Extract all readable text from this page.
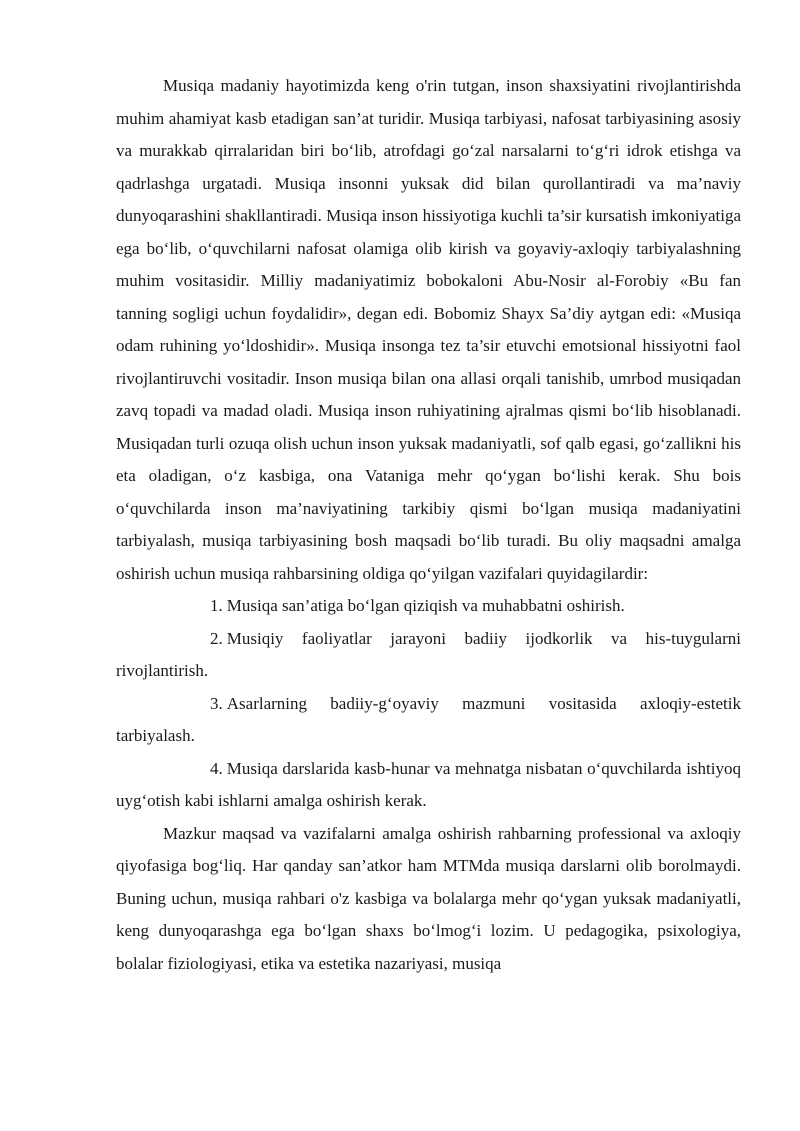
Musiqa madaniy hayotimizda keng o'rin tutgan, inson shaxsiyatini rivojlantirishda muhim ahamiyat kasb etadigan san’at turidir. Musiqa tarbiyasi, nafosat tarbiyasining asosiy va murakkab qirralaridan biri bo‘lib, atrofdagi go‘zal narsalarni to‘g‘ri idrok etishga va qadrlashga urgatadi. Musiqa insonni yuksak did bilan qurollantiradi va ma’naviy dunyoqarashini shakllantiradi. Musiqa inson hissiyotiga kuchli ta’sir kursatish imkoniyatiga ega bo‘lib, o‘quvchilarni nafosat olamiga olib kirish va goyaviy-axloqiy tarbiyalashning muhim vositasidir. Milliy madaniyatimiz bobokaloni Abu-Nosir al-Forobiy «Bu fan tanning sogligi uchun foydalidir», degan edi. Bobomiz Shayx Sa’diy aytgan edi: «Musiqa odam ruhining yo‘ldoshidir». Musiqa insonga tez ta’sir etuvchi emotsional hissiyotni faol rivojlantiruvchi vositadir. Inson musiqa bilan ona allasi orqali tanishib, umrbod musiqadan zavq topadi va madad oladi. Musiqa inson ruhiyatining ajralmas qismi bo‘lib hisoblanadi. Musiqadan turli ozuqa olish uchun inson yuksak madaniyatli, sof qalb egasi, go‘zallikni his eta oladigan, o‘z kasbiga, ona Vataniga mehr qo‘ygan bo‘lishi kerak. Shu bois o‘quvchilarda inson ma’naviyatining tarkibiy qismi bo‘lgan musiqa madaniyatini tarbiyalash, musiqa tarbiyasining bosh maqsadi bo‘lib turadi. Bu oliy maqsadni amalga oshirish uchun musiqa rahbarsining oldiga qo‘yilgan vazifalari quyidagilardir:

1. Musiqa san’atiga bo‘lgan qiziqish va muhabbatni oshirish.
2. Musiqiy faoliyatlar jarayoni badiiy ijodkorlik va his-tuygularni rivojlantirish.
3. Asarlarning badiiy-g‘oyaviy mazmuni vositasida axloqiy-estetik tarbiyalash.
4. Musiqa darslarida kasb-hunar va mehnatga nisbatan o‘quvchilarda ishtiyoq uyg‘otish kabi ishlarni amalga oshirish kerak.

Mazkur maqsad va vazifalarni amalga oshirish rahbarning professional va axloqiy qiyofasiga bog‘liq. Har qanday san’atkor ham MTMda musiqa darslarni olib borolmaydi. Buning uchun, musiqa rahbari o'z kasbiga va bolalarga mehr qo‘ygan yuksak madaniyatli, keng dunyoqarashga ega bo‘lgan shaxs bo‘lmog‘i lozim. U pedagogika, psixologiya, bolalar fiziologiyasi, etika va estetika nazariyasi, musiqa
